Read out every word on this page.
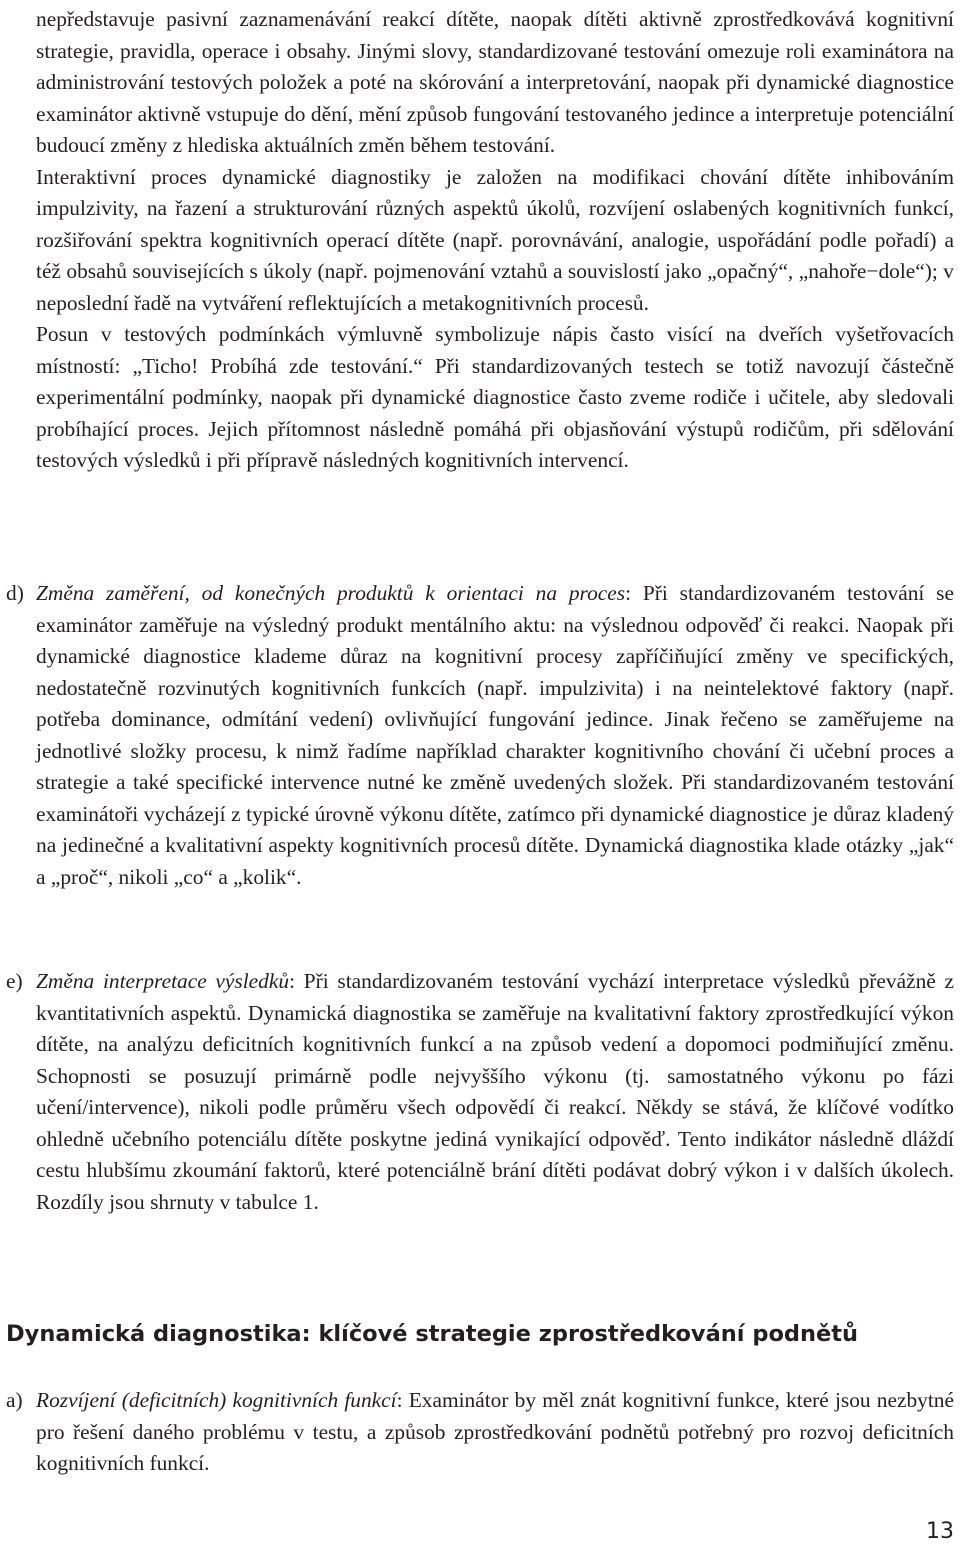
nepředstavuje pasivní zaznamenávání reakcí dítěte, naopak dítěti aktivně zprostředkovává kognitivní strategie, pravidla, operace i obsahy. Jinými slovy, standardizované testování omezuje roli examinátora na administrování testových položek a poté na skórování a interpretování, naopak při dynamické diagnostice examinátor aktivně vstupuje do dění, mění způsob fungování testovaného jedince a interpretuje potenciální budoucí změny z hlediska aktuálních změn během testování.

Interaktivní proces dynamické diagnostiky je založen na modifikaci chování dítěte inhibováním impulzivity, na řazení a strukturování různých aspektů úkolů, rozvíjení oslabených kognitivních funkcí, rozšiřování spektra kognitivních operací dítěte (např. porovnávání, analogie, uspořádání podle pořadí) a též obsahů souvisejících s úkoly (např. pojmenování vztahů a souvislostí jako „opačný“, „nahoře−dole“); v neposlední řadě na vytváření reflektujících a metakognitivních procesů.

Posun v testových podmínkách výmluvně symbolizuje nápis často visící na dveřích vyšetřovacích místností: „Ticho! Probíhá zde testování.“ Při standardizovaných testech se totiž navozují částečně experimentální podmínky, naopak při dynamické diagnostice často zveme rodiče i učitele, aby sledovali probíhající proces. Jejich přítomnost následně pomáhá při objasňování výstupů rodičům, při sdělování testových výsledků i při přípravě následných kognitivních intervencí.

d) Změna zaměření, od konečných produktů k orientaci na proces: Při standardizovaném testování se examinátor zaměřuje na výsledný produkt mentálního aktu: na výslednou odpověď či reakci. Naopak při dynamické diagnostice klademe důraz na kognitivní procesy zapříčiňující změny ve specifických, nedostatečně rozvinutých kognitivních funkcích (např. impulzivita) i na neintelektové faktory (např. potřeba dominance, odmítání vedení) ovlivňující fungování jedince. Jinak řečeno se zaměřujeme na jednotlivé složky procesu, k nimž řadíme například charakter kognitivního chování či učební proces a strategie a také specifické intervence nutné ke změně uvedených složek. Při standardizovaném testování examinátoři vycházejí z typické úrovně výkonu dítěte, zatímco při dynamické diagnostice je důraz kladený na jedinečné a kvalitativní aspekty kognitivních procesů dítěte. Dynamická diagnostika klade otázky „jak“ a „proč“, nikoli „co“ a „kolik“.
e) Změna interpretace výsledků: Při standardizovaném testování vychází interpretace výsledků převážně z kvantitativních aspektů. Dynamická diagnostika se zaměřuje na kvalitativní faktory zprostředkující výkon dítěte, na analýzu deficitních kognitivních funkcí a na způsob vedení a dopomoci podmiňující změnu. Schopnosti se posuzují primárně podle nejvyššího výkonu (tj. samostatného výkonu po fázi učení/intervence), nikoli podle průměru všech odpovědí či reakcí. Někdy se stává, že klíčové vodítko ohledně učebního potenciálu dítěte poskytne jediná vynikající odpověď. Tento indikátor následně dláždí cestu hlubšímu zkoumání faktorů, které potenciálně brání dítěti podávat dobrý výkon i v dalších úkolech. Rozdíly jsou shrnuty v tabulce 1.
Dynamická diagnostika: klíčové strategie zprostředkování podnětů
a) Rozvíjení (deficitních) kognitivních funkcí: Examinátor by měl znát kognitivní funkce, které jsou nezbytné pro řešení daného problému v testu, a způsob zprostředkování podnětů potřebný pro rozvoj deficitních kognitivních funkcí.
13
